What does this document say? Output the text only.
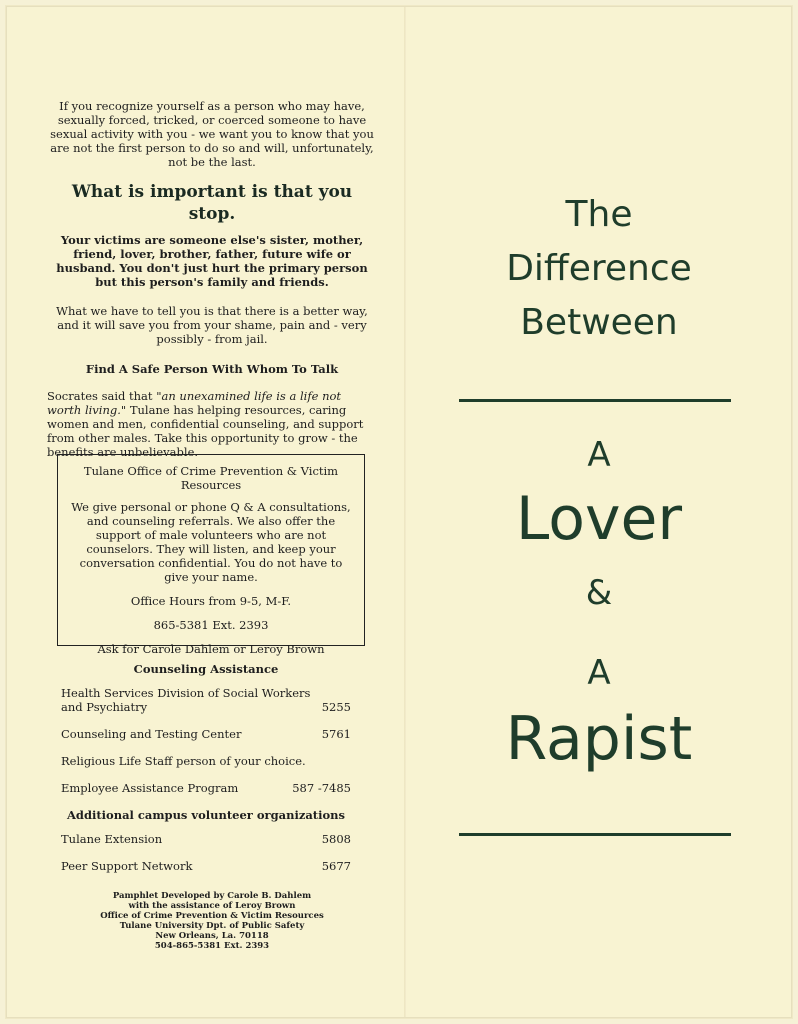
If you recognize yourself as a person who may have, sexually forced, tricked, or coerced someone to have sexual activity with you - we want you to know that you are not the first person to do so and will, unfortunately, not be the last.

What is important is that you
stop.

Your victims are someone else's sister, mother, friend, lover, brother, father, future wife or husband. You don't just hurt the primary person but this person's family and friends.

What we have to tell you is that there is a better way, and it will save you from your shame, pain and - very possibly - from jail.

Find A Safe Person With Whom To Talk

Socrates said that "an unexamined life is a life not worth living." Tulane has helping resources, caring women and men, confidential counseling, and support from other males. Take this opportunity to grow - the benefits are unbelievable.

Tulane Office of Crime Prevention & Victim Resources

We give personal or phone Q & A consultations, and counseling referrals. We also offer the support of male volunteers who are not counselors. They will listen, and keep your conversation confidential. You do not have to give your name.

Office Hours from 9-5, M-F.

865-5381 Ext. 2393

Ask for Carole Dahlem or Leroy Brown

Counseling Assistance

Health Services Division of Social Workers and Psychiatry	5255
Counseling and Testing Center	5761
Religious Life Staff person of your choice.
Employee Assistance Program	587 -7485

Additional campus volunteer organizations

Tulane Extension	5808
Peer Support Network	5677
Pamphlet Developed by Carole B. Dahlem
with the assistance of Leroy Brown
Office of Crime Prevention & Victim Resources
Tulane University Dpt. of Public Safety
New Orleans, La. 70118
504-865-5381 Ext. 2393
The
Difference
Between
A
Lover
&
A
Rapist
